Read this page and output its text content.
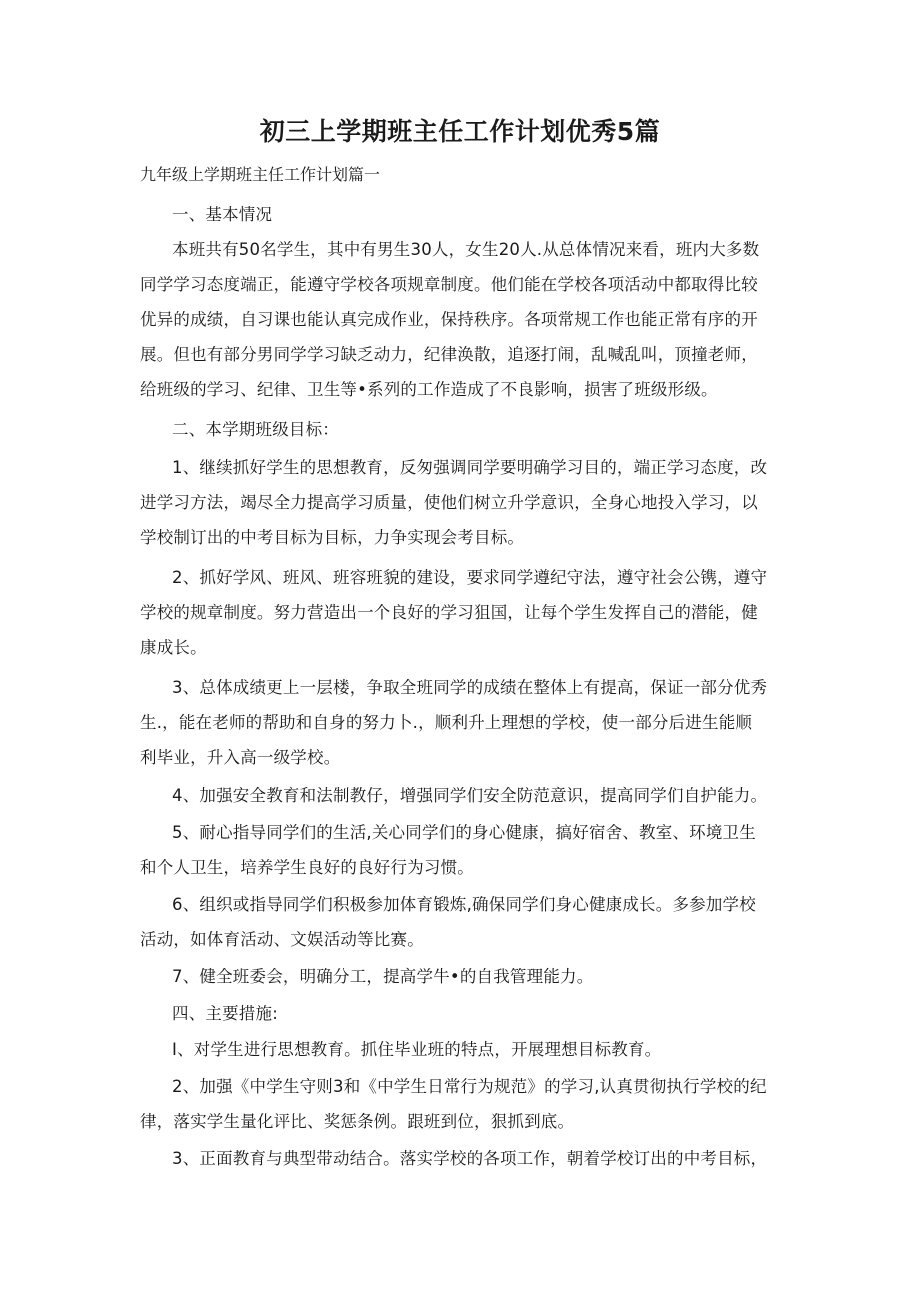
初三上学期班主任工作计划优秀5篇
九年级上学期班主任工作计划篇一
一、基本情况
本班共有50名学生，其中有男生30人，女生20人.从总体情况来看，班内大多数
同学学习态度端正，能遵守学校各项规章制度。他们能在学校各项活动中都取得比较
优异的成绩，自习课也能认真完成作业，保持秩序。各项常规工作也能正常有序的开
展。但也有部分男同学学习缺乏动力，纪律涣散，追逐打闹，乱喊乱叫，顶撞老师，
给班级的学习、纪律、卫生等•系列的工作造成了不良影响，损害了班级形级。
二、本学期班级目标：
1、继续抓好学生的思想教育，反匆强调同学要明确学习目的，端正学习态度，改
进学习方法，竭尽全力提高学习质量，使他们树立升学意识，全身心地投入学习，以
学校制订出的中考目标为目标，力争实现会考目标。
2、抓好学风、班风、班容班貌的建设，要求同学遵纪守法，遵守社会公镌，遵守
学校的规章制度。努力营造出一个良好的学习狙国，让每个学生发挥自己的潜能，健
康成长。
3、总体成绩更上一层楼，争取全班同学的成绩在整体上有提高，保证一部分优秀
生.，能在老师的帮助和自身的努力卜.，顺利升上理想的学校，使一部分后进生能顺
利毕业，升入高一级学校。
4、加强安全教育和法制教仔，增强同学们安全防范意识，提高同学们自护能力。
5、耐心指导同学们的生活,关心同学们的身心健康，搞好宿舍、教室、环境卫生
和个人卫生，培养学生良好的良好行为习惯。
6、组织或指导同学们积极参加体育锻炼,确保同学们身心健康成长。多参加学校
活动，如体育活动、文娱活动等比赛。
7、健全班委会，明确分工，提高学牛•的自我管理能力。
四、主要措施:
I、对学生进行思想教育。抓住毕业班的特点，开展理想目标教育。
2、加强《中学生守则3和《中学生日常行为规范》的学习,认真贯彻执行学校的纪
律，落实学生量化评比、奖惩条例。跟班到位，狠抓到底。
3、正面教育与典型带动结合。落实学校的各项工作，朝着学校订出的中考目标，
